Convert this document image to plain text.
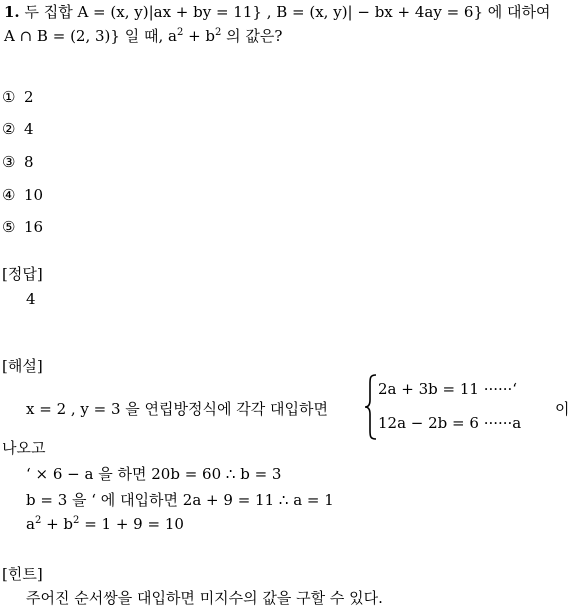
1. 두 집합 A = (x, y)|ax + by = 11} , B = (x, y)| − bx + 4ay = 6} 에 대하여
A ∩ B = (2, 3)} 일 때, $a^2 + b^2$ 의 값은?
① 2
② 4
③ 8
④ 10
⑤ 16
[정답]
4
[해설]
x = 2 , y = 3 을 연립방정식에 각각 대입하면
2a + 3b = 11 ······‘
12a − 2b = 6 ······a
이
나오고
‘ × 6 − a 을 하면 20b = 60 ∴ b = 3
b = 3 을 ‘ 에 대입하면 2a + 9 = 11 ∴ a = 1
$a^2 + b^2 = 1 + 9 = 10$
[힌트]
주어진 순서쌍을 대입하면 미지수의 값을 구할 수 있다.
